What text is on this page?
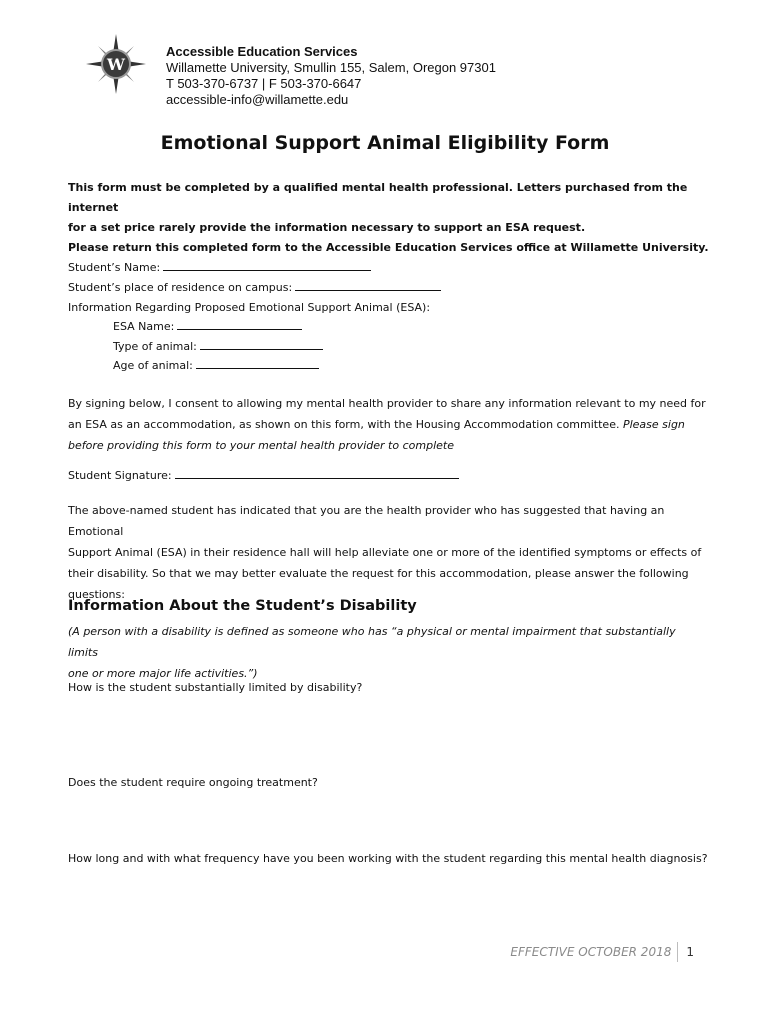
W
Accessible Education Services
Willamette University, Smullin 155, Salem, Oregon 97301
T 503-370-6737 | F 503-370-6647
accessible-info@willamette.edu
Emotional Support Animal Eligibility Form
This form must be completed by a qualified mental health professional. Letters purchased from the internet
for a set price rarely provide the information necessary to support an ESA request.
Please return this completed form to the Accessible Education Services office at Willamette University.
Student’s Name:
Student’s place of residence on campus:
Information Regarding Proposed Emotional Support Animal (ESA):
ESA Name:
Type of animal:
Age of animal:
By signing below, I consent to allowing my mental health provider to share any information relevant to my need for
an ESA as an accommodation, as shown on this form, with the Housing Accommodation committee. Please sign
before providing this form to your mental health provider to complete
Student Signature:
The above-named student has indicated that you are the health provider who has suggested that having an Emotional
Support Animal (ESA) in their residence hall will help alleviate one or more of the identified symptoms or effects of
their disability. So that we may better evaluate the request for this accommodation, please answer the following
questions:
Information About the Student’s Disability
(A person with a disability is defined as someone who has “a physical or mental impairment that substantially limits
one or more major life activities.”)
How is the student substantially limited by disability?
Does the student require ongoing treatment?
How long and with what frequency have you been working with the student regarding this mental health diagnosis?
EFFECTIVE OCTOBER 2018 1
